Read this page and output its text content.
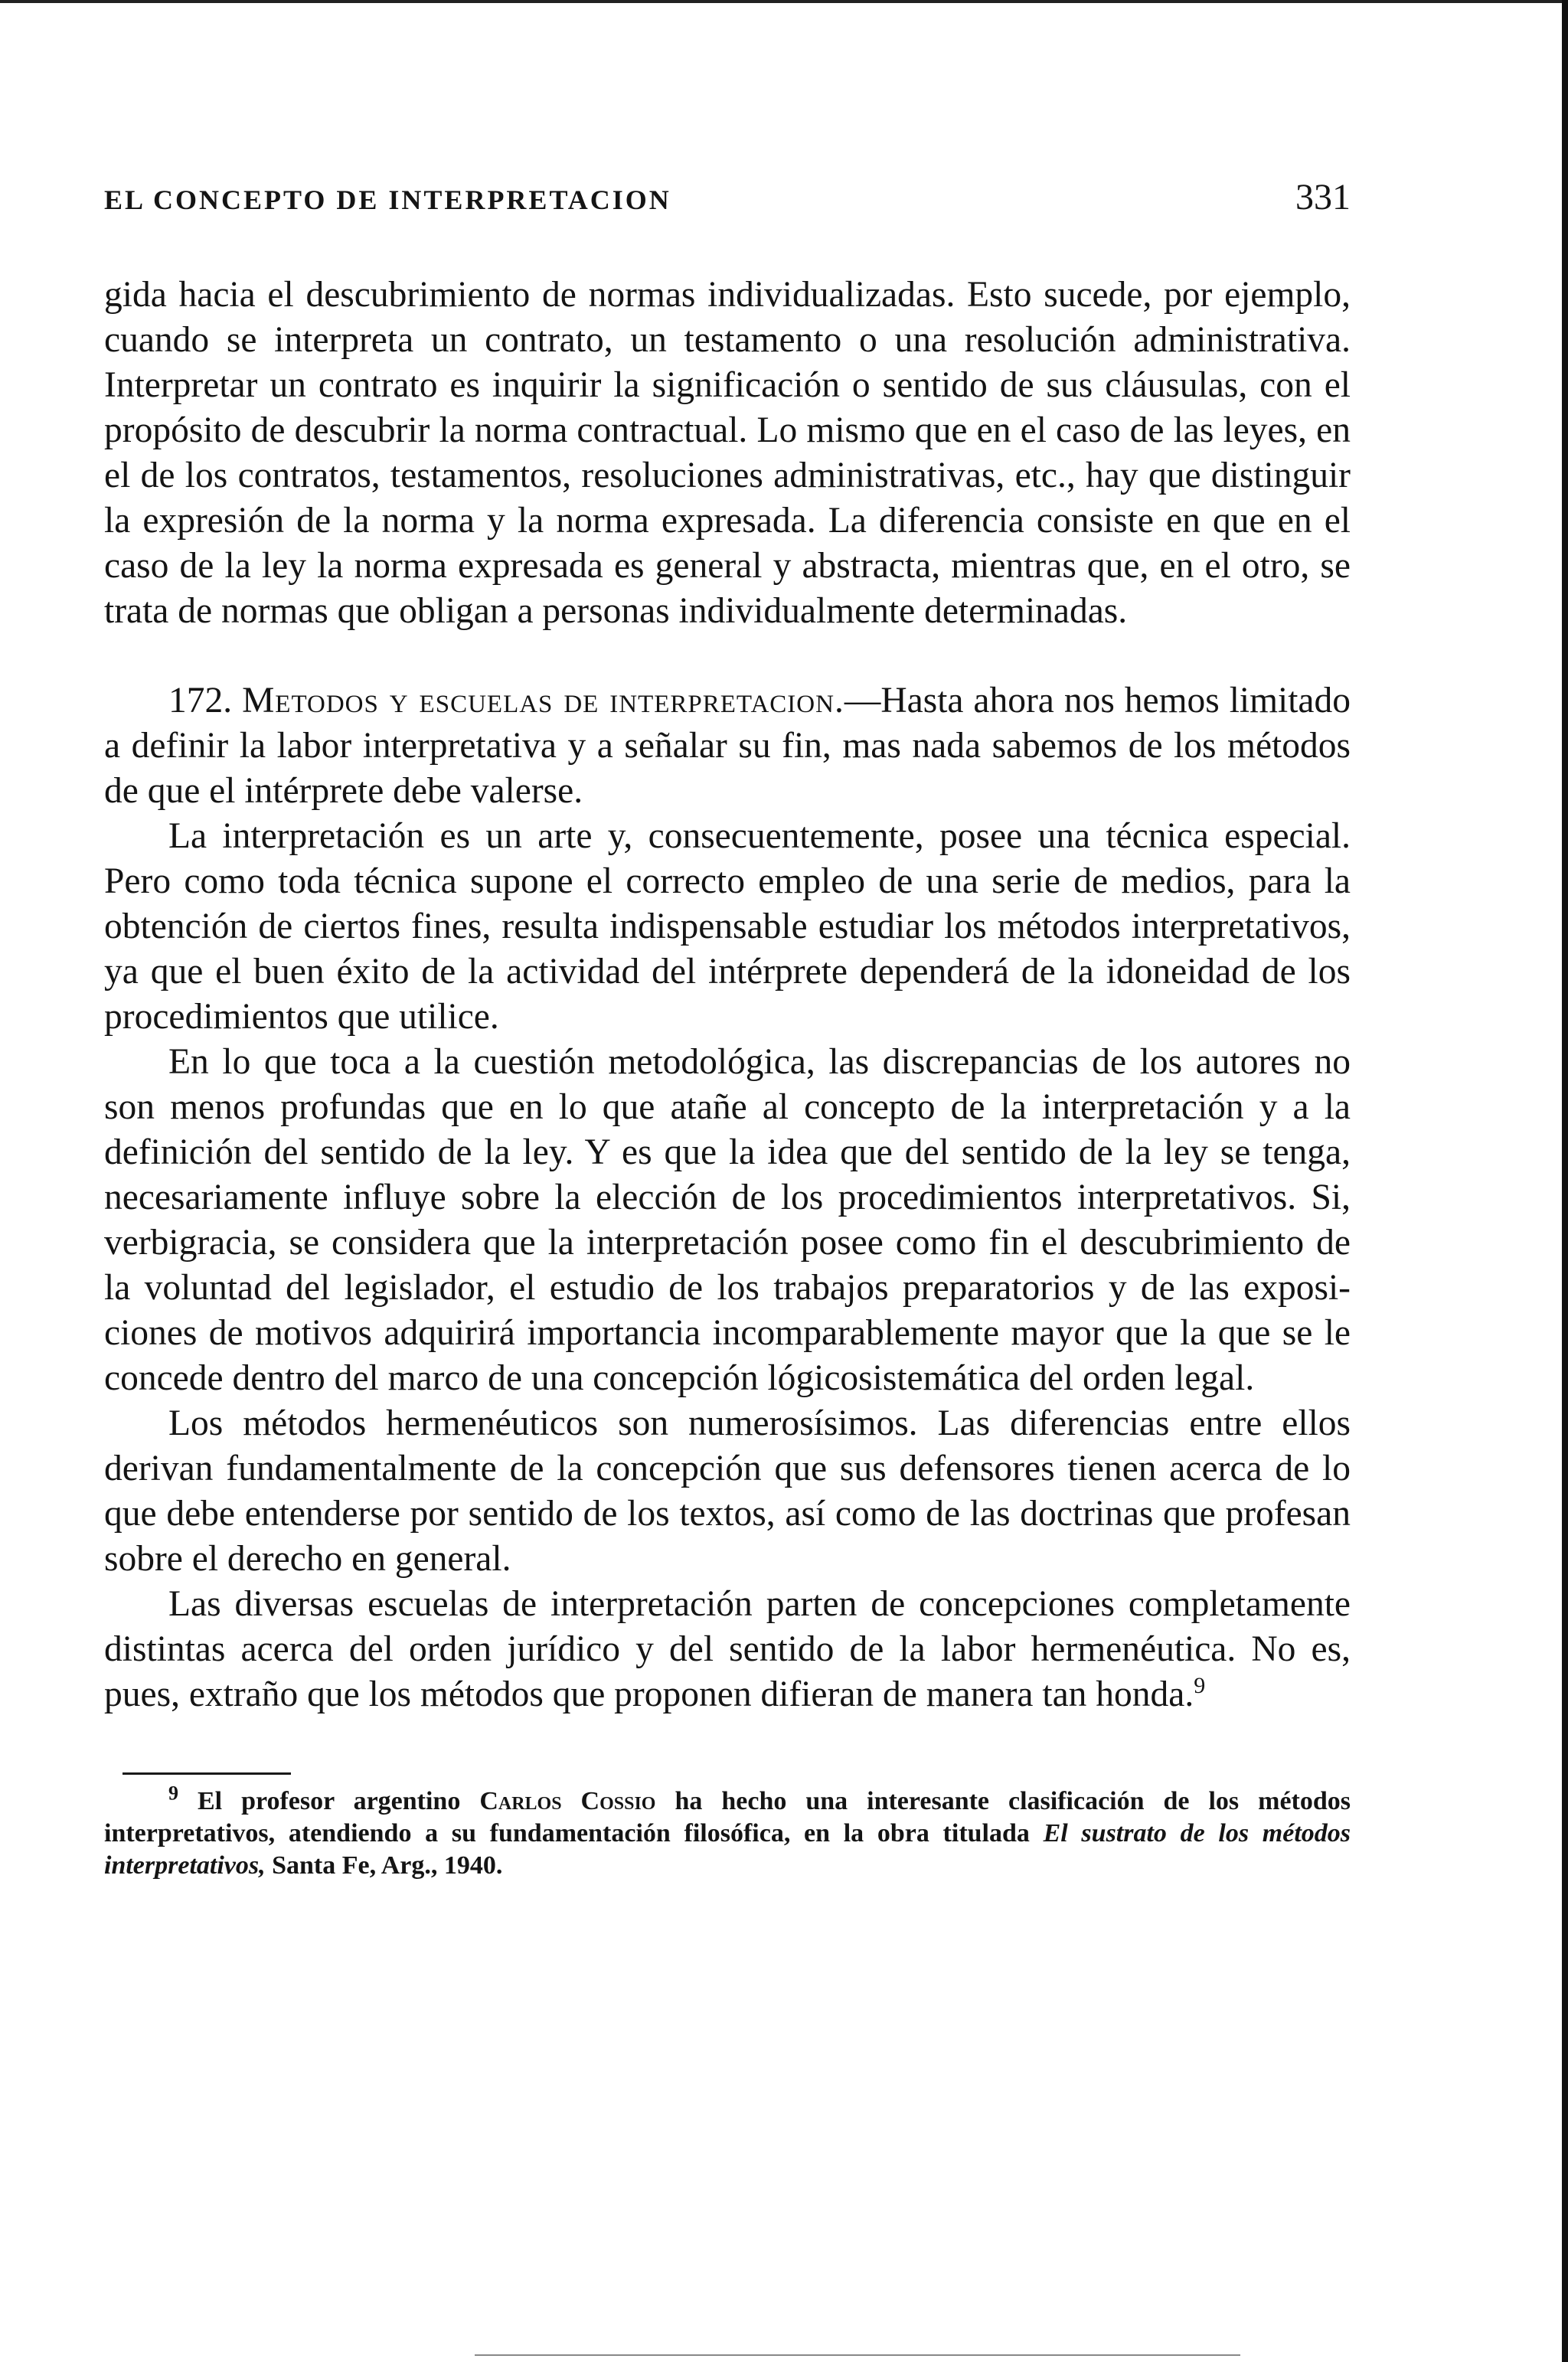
EL CONCEPTO DE INTERPRETACION	331

gida hacia el descubrimiento de normas individualizadas. Esto sucede, por ejemplo, cuando se interpreta un contrato, un testamento o una resolución administrativa. Interpretar un contrato es inquirir la significación o sentido de sus cláusulas, con el propósito de descubrir la norma contractual. Lo mismo que en el caso de las leyes, en el de los contratos, testamentos, resoluciones administrativas, etc., hay que distinguir la expresión de la norma y la norma expresada. La diferencia consiste en que en el caso de la ley la norma expresada es general y abstracta, mientras que, en el otro, se trata de normas que obligan a personas individualmente determinadas.

172. Metodos y escuelas de interpretacion.—Hasta ahora nos hemos limitado a definir la labor interpretativa y a señalar su fin, mas nada sabemos de los métodos de que el intérprete debe valerse.

La interpretación es un arte y, consecuentemente, posee una técnica especial. Pero como toda técnica supone el correcto empleo de una serie de medios, para la obtención de ciertos fines, resulta indispensable estudiar los métodos interpretativos, ya que el buen éxito de la actividad del intérprete dependerá de la idoneidad de los procedimientos que utilice.

En lo que toca a la cuestión metodológica, las discrepancias de los autores no son menos profundas que en lo que atañe al concepto de la interpretación y a la definición del sentido de la ley. Y es que la idea que del sentido de la ley se tenga, necesariamente influye sobre la elección de los procedimientos interpretativos. Si, verbigracia, se considera que la interpretación posee como fin el descubrimiento de la voluntad del legislador, el estudio de los trabajos preparatorios y de las exposiciones de motivos adquirirá importancia incomparablemente mayor que la que se le concede dentro del marco de una concepción lógicosistemática del orden legal.

Los métodos hermenéuticos son numerosísimos. Las diferencias entre ellos derivan fundamentalmente de la concepción que sus defensores tienen acerca de lo que debe entenderse por sentido de los textos, así como de las doctrinas que profesan sobre el derecho en general.

Las diversas escuelas de interpretación parten de concepciones completamente distintas acerca del orden jurídico y del sentido de la labor hermenéutica. No es, pues, extraño que los métodos que proponen difieran de manera tan honda.$^9$

$^9$ El profesor argentino Carlos Cossio ha hecho una interesante clasificación de los métodos interpretativos, atendiendo a su fundamentación filosófica, en la obra titulada El sustrato de los métodos interpretativos, Santa Fe, Arg., 1940.
